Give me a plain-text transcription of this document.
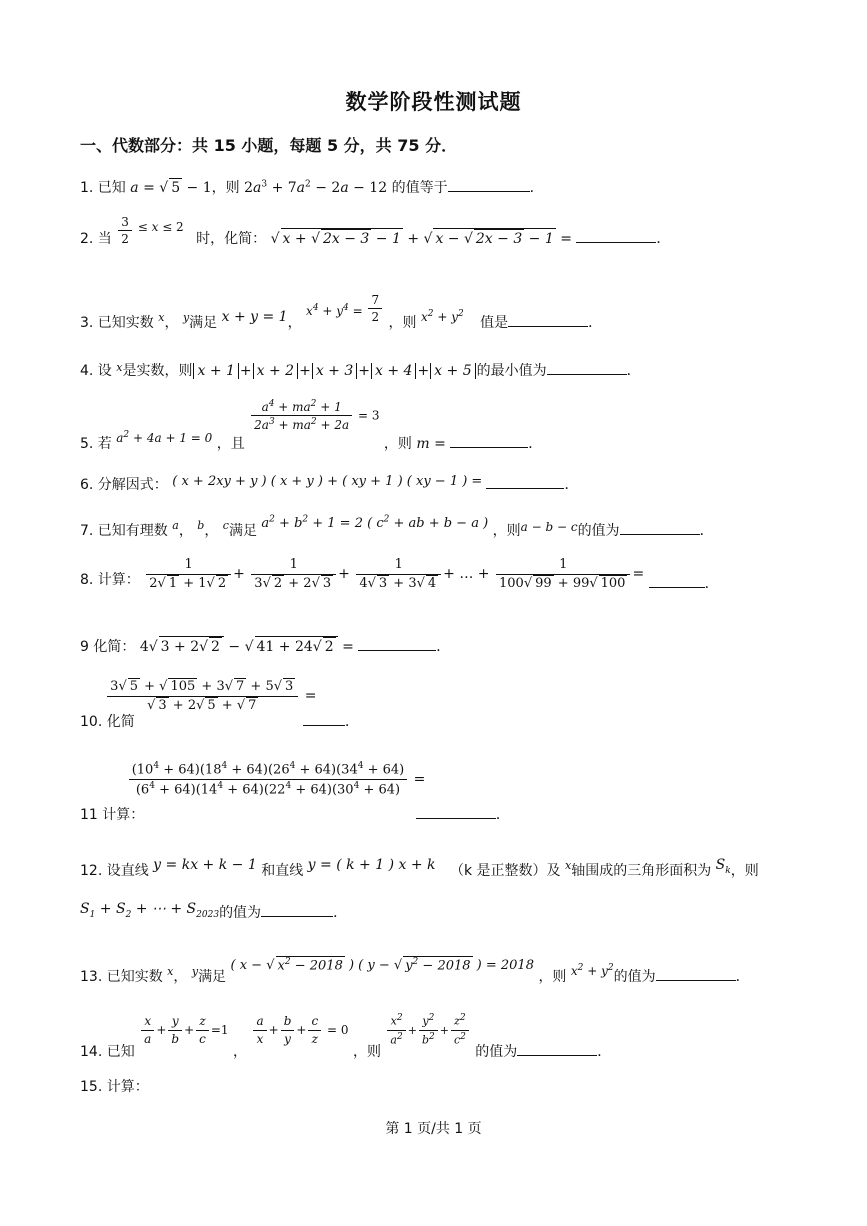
数学阶段性测试题
一、代数部分：共 15 小题，每题 5 分，共 75 分．
1. 已知 a = √ 5 − 1，则 $2a^3 + 7a^2 - 2a - 12$ 的值等于	．
2. 当 $\frac{3}{2} \le x \le 2$ 时，化简： √ x + √ 2x − 3 − 1 + √ x − √ 2x − 3 − 1 =	．
3. 已知实数 $^x$， $^y$满足 x + y = 1， $x^4 + y^4 = \frac{7}{2}$ ，则 $x^2 + y^2$ 值是	．
4. 设 $^x$是实数，则 x + 1 + x + 2 + x + 3 + x + 4 + x + 5 的最小值为	．
5. 若 $a^2 + 4a + 1 = 0$ ，且
$\frac{a^4 + ma^2 + 1}{2a^3 + ma^2 + 2a} = 3$ ，则 m =	．
6. 分解因式： ( x + 2xy + y ) ( x + y ) + ( xy + 1 ) ( xy − 1 ) =	．
7. 已知有理数 $^a$， $^b$， $^c$满足 $a^2 + b^2 + 1 = 2$ ( $c^2$ + ab + b − a ) ，则a − b − c的值为	．
8. 计算： $\frac{1}{2√ 1 + 1√ 2} + \frac{1}{3√ 2 + 2√ 3} + \frac{1}{4√ 3 + 3√ 4}$ + … + $\frac{1}{100√ 99 + 99√ 100}$ = ．
9 化简： 4√ 3 + 2√ 2 − √ 41 + 24√ 2 =	．
10. 化简
$\frac{3√ 5 + √ 105 + 3√ 7 + 5√ 3}{√ 3 + 2√ 5 + √ 7}$ = ．
11 计算：
$\frac{(10^4 + 64)(18^4 + 64)(26^4 + 64)(34^4 + 64)}{(6^4 + 64)(14^4 + 64)(22^4 + 64)(30^4 + 64)}$ = ．
12. 设直线 y = kx + k − 1 和直线 y = ( k + 1 ) x + k （k 是正整数）及 $^x$轴围成的三角形面积为 $S_k$，则
$S_1 + S_2$ + ⋯ + $S_{2023}$的值为	．
13. 已知实数 $^x$， $^y$满足 ( x − √ $x^2 - 2018$ ) ( y − √ $y^2 - 2018$ ) = 2018 ，则 $x^2 + y^2$的值为	．
14. 已知
$\frac{x}{a} + \frac{y}{b} + \frac{z}{c} =1$ ，
$\frac{a}{x} + \frac{b}{y} + \frac{c}{z} = 0$ ，则
$\frac{x^2}{a^2} + \frac{y^2}{b^2} + \frac{z^2}{c^2}$
的值为	．
15. 计算：
第 1 页/共 1 页
